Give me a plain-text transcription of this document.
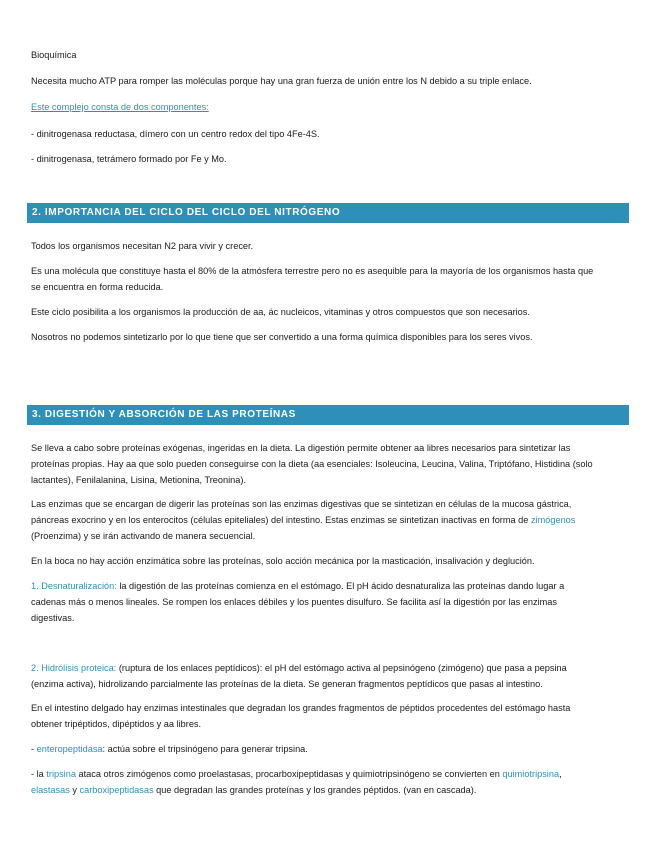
Bioquímica

Necesita mucho ATP para romper las moléculas porque hay una gran fuerza de unión entre los N debido a su triple enlace.

Este complejo consta de dos componentes:

- dinitrogenasa reductasa, dímero con un centro redox del tipo 4Fe-4S.

- dinitrogenasa, tetrámero formado por Fe y Mo.

2. IMPORTANCIA DEL CICLO DEL CICLO DEL NITRÓGENO

Todos los organismos necesitan N2 para vivir y crecer.

Es una molécula que constituye hasta el 80% de la atmósfera terrestre pero no es asequible para la mayoría de los organismos hasta que

se encuentra en forma reducida.

Este ciclo posibilita a los organismos la producción de aa, ác nucleicos, vitaminas y otros compuestos que son necesarios.

Nosotros no podemos sintetizarlo por lo que tiene que ser convertido a una forma química disponibles para los seres vivos.

3. DIGESTIÓN Y ABSORCIÓN DE LAS PROTEÍNAS

Se lleva a cabo sobre proteínas exógenas, ingeridas en la dieta. La digestión permite obtener aa libres necesarios para sintetizar las

proteínas propias. Hay aa que solo pueden conseguirse con la dieta (aa esenciales: Isoleucina, Leucina, Valina, Triptófano, Histidina (solo

lactantes), Fenilalanina, Lisina, Metionina, Treonina).

Las enzimas que se encargan de digerir las proteínas son las enzimas digestivas que se sintetizan en células de la mucosa gástrica,

páncreas exocrino y en los enterocitos (células epiteliales) del intestino. Estas enzimas se sintetizan inactivas en forma de zimógenos

(Proenzima) y se irán activando de manera secuencial.

En la boca no hay acción enzimática sobre las proteínas, solo acción mecánica por la masticación, insalivación y deglución.

1. Desnaturalización: la digestión de las proteínas comienza en el estómago. El pH ácido desnaturaliza las proteínas dando lugar a

cadenas más o menos lineales. Se rompen los enlaces débiles y los puentes disulfuro. Se facilita así la digestión por las enzimas

digestivas.

2. Hidrólisis proteica: (ruptura de los enlaces peptídicos): el pH del estómago activa al pepsinógeno (zimógeno) que pasa a pepsina

(enzima activa), hidrolizando parcialmente las proteínas de la dieta. Se generan fragmentos peptídicos que pasas al intestino.

En el intestino delgado hay enzimas intestinales que degradan los grandes fragmentos de péptidos procedentes del estómago hasta

obtener tripéptidos, dipéptidos y aa libres.

- enteropeptidasa: actúa sobre el tripsinógeno para generar tripsina.

- la tripsina ataca otros zimógenos como proelastasas, procarboxipeptidasas y quimiotripsinógeno se convierten en quimiotripsina,

elastasas y carboxipeptidasas que degradan las grandes proteínas y los grandes péptidos. (van en cascada).
